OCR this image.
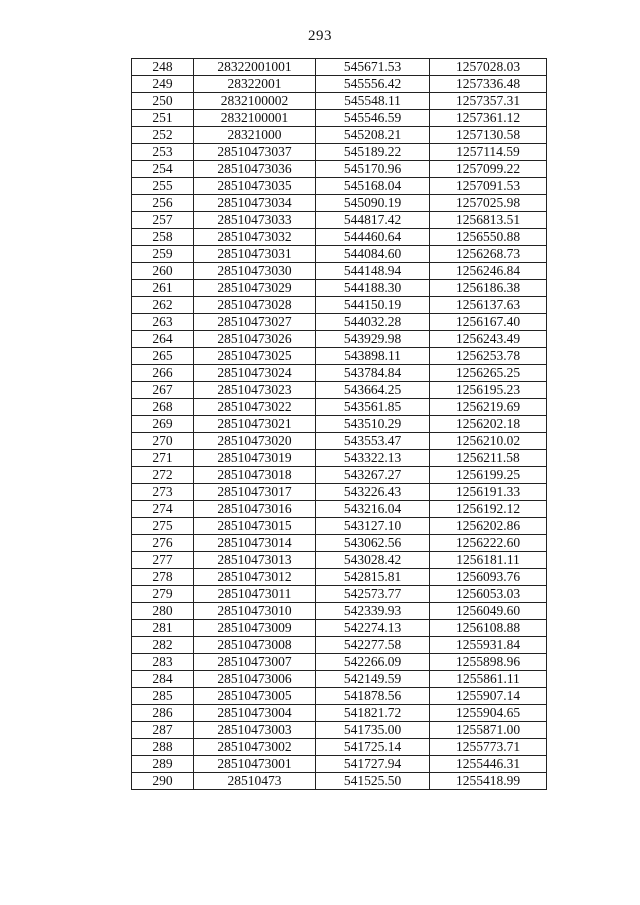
293
248	28322001001	545671.53	1257028.03
249	28322001	545556.42	1257336.48
250	2832100002	545548.11	1257357.31
251	2832100001	545546.59	1257361.12
252	28321000	545208.21	1257130.58
253	28510473037	545189.22	1257114.59
254	28510473036	545170.96	1257099.22
255	28510473035	545168.04	1257091.53
256	28510473034	545090.19	1257025.98
257	28510473033	544817.42	1256813.51
258	28510473032	544460.64	1256550.88
259	28510473031	544084.60	1256268.73
260	28510473030	544148.94	1256246.84
261	28510473029	544188.30	1256186.38
262	28510473028	544150.19	1256137.63
263	28510473027	544032.28	1256167.40
264	28510473026	543929.98	1256243.49
265	28510473025	543898.11	1256253.78
266	28510473024	543784.84	1256265.25
267	28510473023	543664.25	1256195.23
268	28510473022	543561.85	1256219.69
269	28510473021	543510.29	1256202.18
270	28510473020	543553.47	1256210.02
271	28510473019	543322.13	1256211.58
272	28510473018	543267.27	1256199.25
273	28510473017	543226.43	1256191.33
274	28510473016	543216.04	1256192.12
275	28510473015	543127.10	1256202.86
276	28510473014	543062.56	1256222.60
277	28510473013	543028.42	1256181.11
278	28510473012	542815.81	1256093.76
279	28510473011	542573.77	1256053.03
280	28510473010	542339.93	1256049.60
281	28510473009	542274.13	1256108.88
282	28510473008	542277.58	1255931.84
283	28510473007	542266.09	1255898.96
284	28510473006	542149.59	1255861.11
285	28510473005	541878.56	1255907.14
286	28510473004	541821.72	1255904.65
287	28510473003	541735.00	1255871.00
288	28510473002	541725.14	1255773.71
289	28510473001	541727.94	1255446.31
290	28510473	541525.50	1255418.99
